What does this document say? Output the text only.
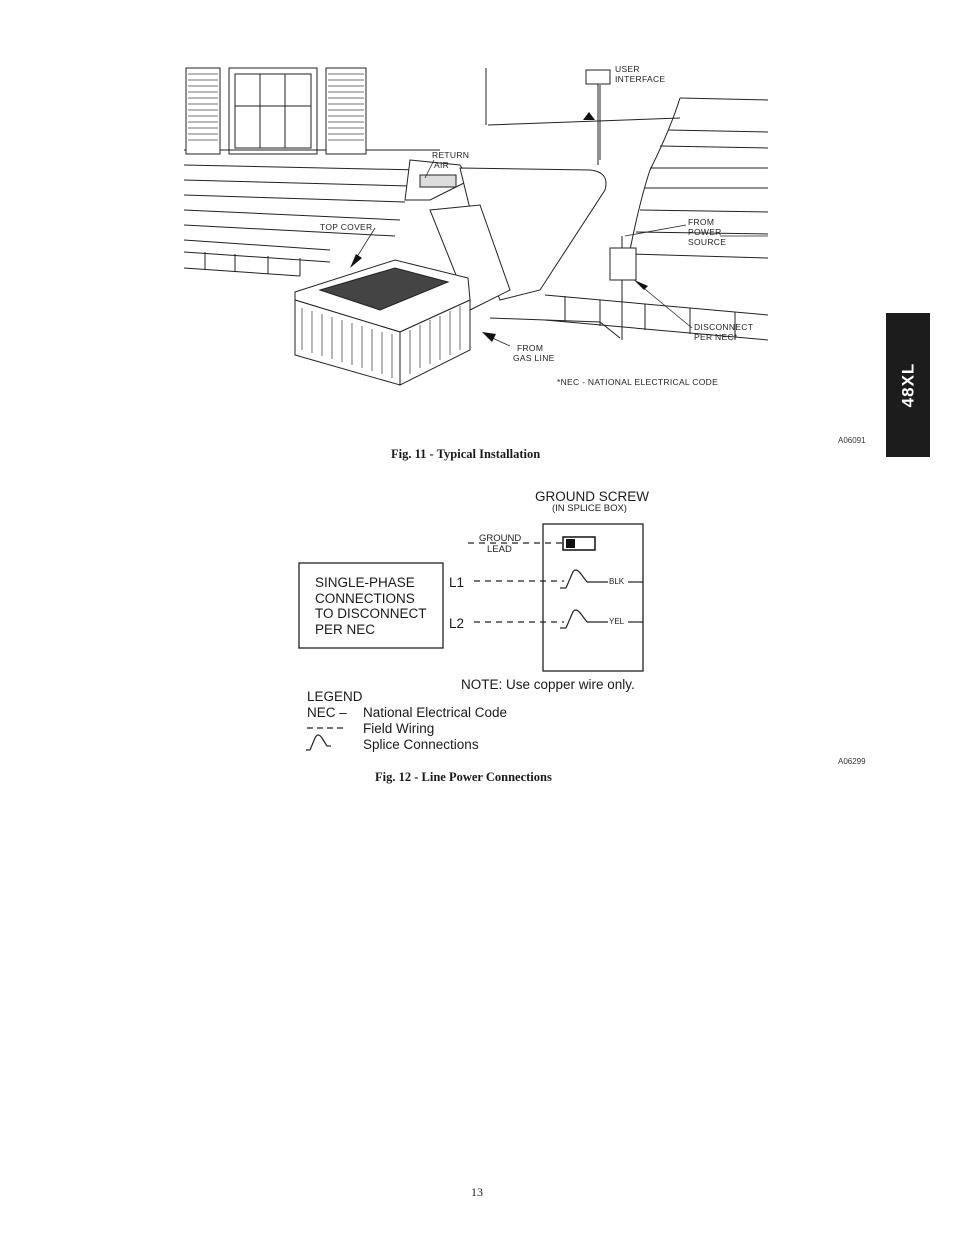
48XL
USER
INTERFACE
RETURN
AIR
TOP COVER	FROM
POWER
SOURCE
DISCONNECT
PER NEC*
FROM
GAS LINE
*NEC - NATIONAL ELECTRICAL CODE
A06091
Fig. 11 - Typical Installation
GROUND SCREW
(IN SPLICE BOX)
GROUND
LEAD
SINGLE-PHASE
CONNECTIONS
TO DISCONNECT
PER NEC
L1
L2
BLK
YEL
NOTE: Use copper wire only.
LEGEND
NEC – National Electrical Code
Field Wiring
Splice Connections
A06299
Fig. 12 - Line Power Connections
13
